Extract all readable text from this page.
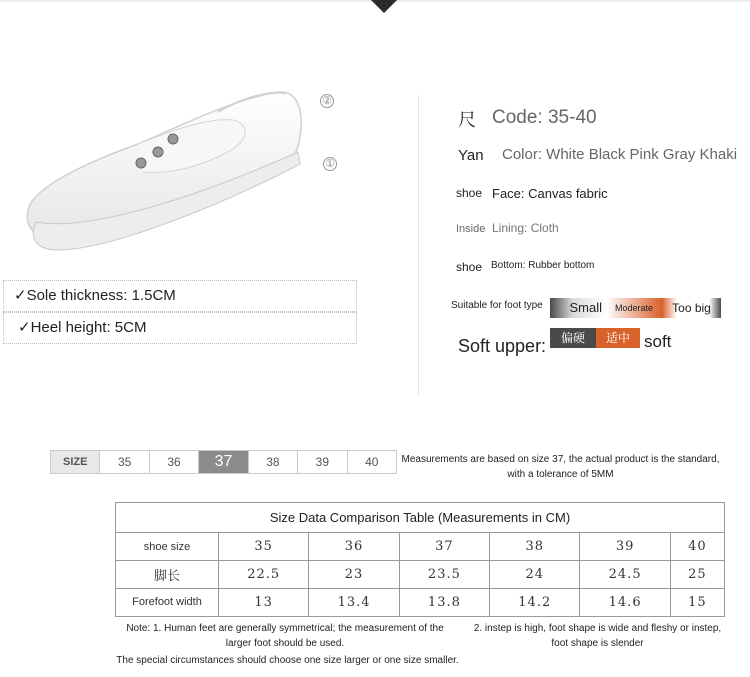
②
①
✓Sole thickness: 1.5CM
✓Heel height: 5CM
尺 Code: 35-40
Yan Color: White Black Pink Gray Khaki
shoe Face: Canvas fabric
Inside Lining: Cloth
shoe Bottom: Rubber bottom
Suitable for foot type	Small	Moderate	Too big
Soft upper:	偏硬	适中 soft
SIZE	35	36	37	38	39	40	Measurements are based on size 37, the actual product is the standard, with a tolerance of 5MM
Size Data Comparison Table (Measurements in CM)						
shoe size	35	36	37	38	39	40
脚长	22.5	23	23.5	24	24.5	25
Forefoot width	13	13.4	13.8	14.2	14.6	15
Note: 1. Human feet are generally symmetrical; the measurement of the larger foot should be used.
2. instep is high, foot shape is wide and fleshy or instep, foot shape is slender
The special circumstances should choose one size larger or one size smaller.
